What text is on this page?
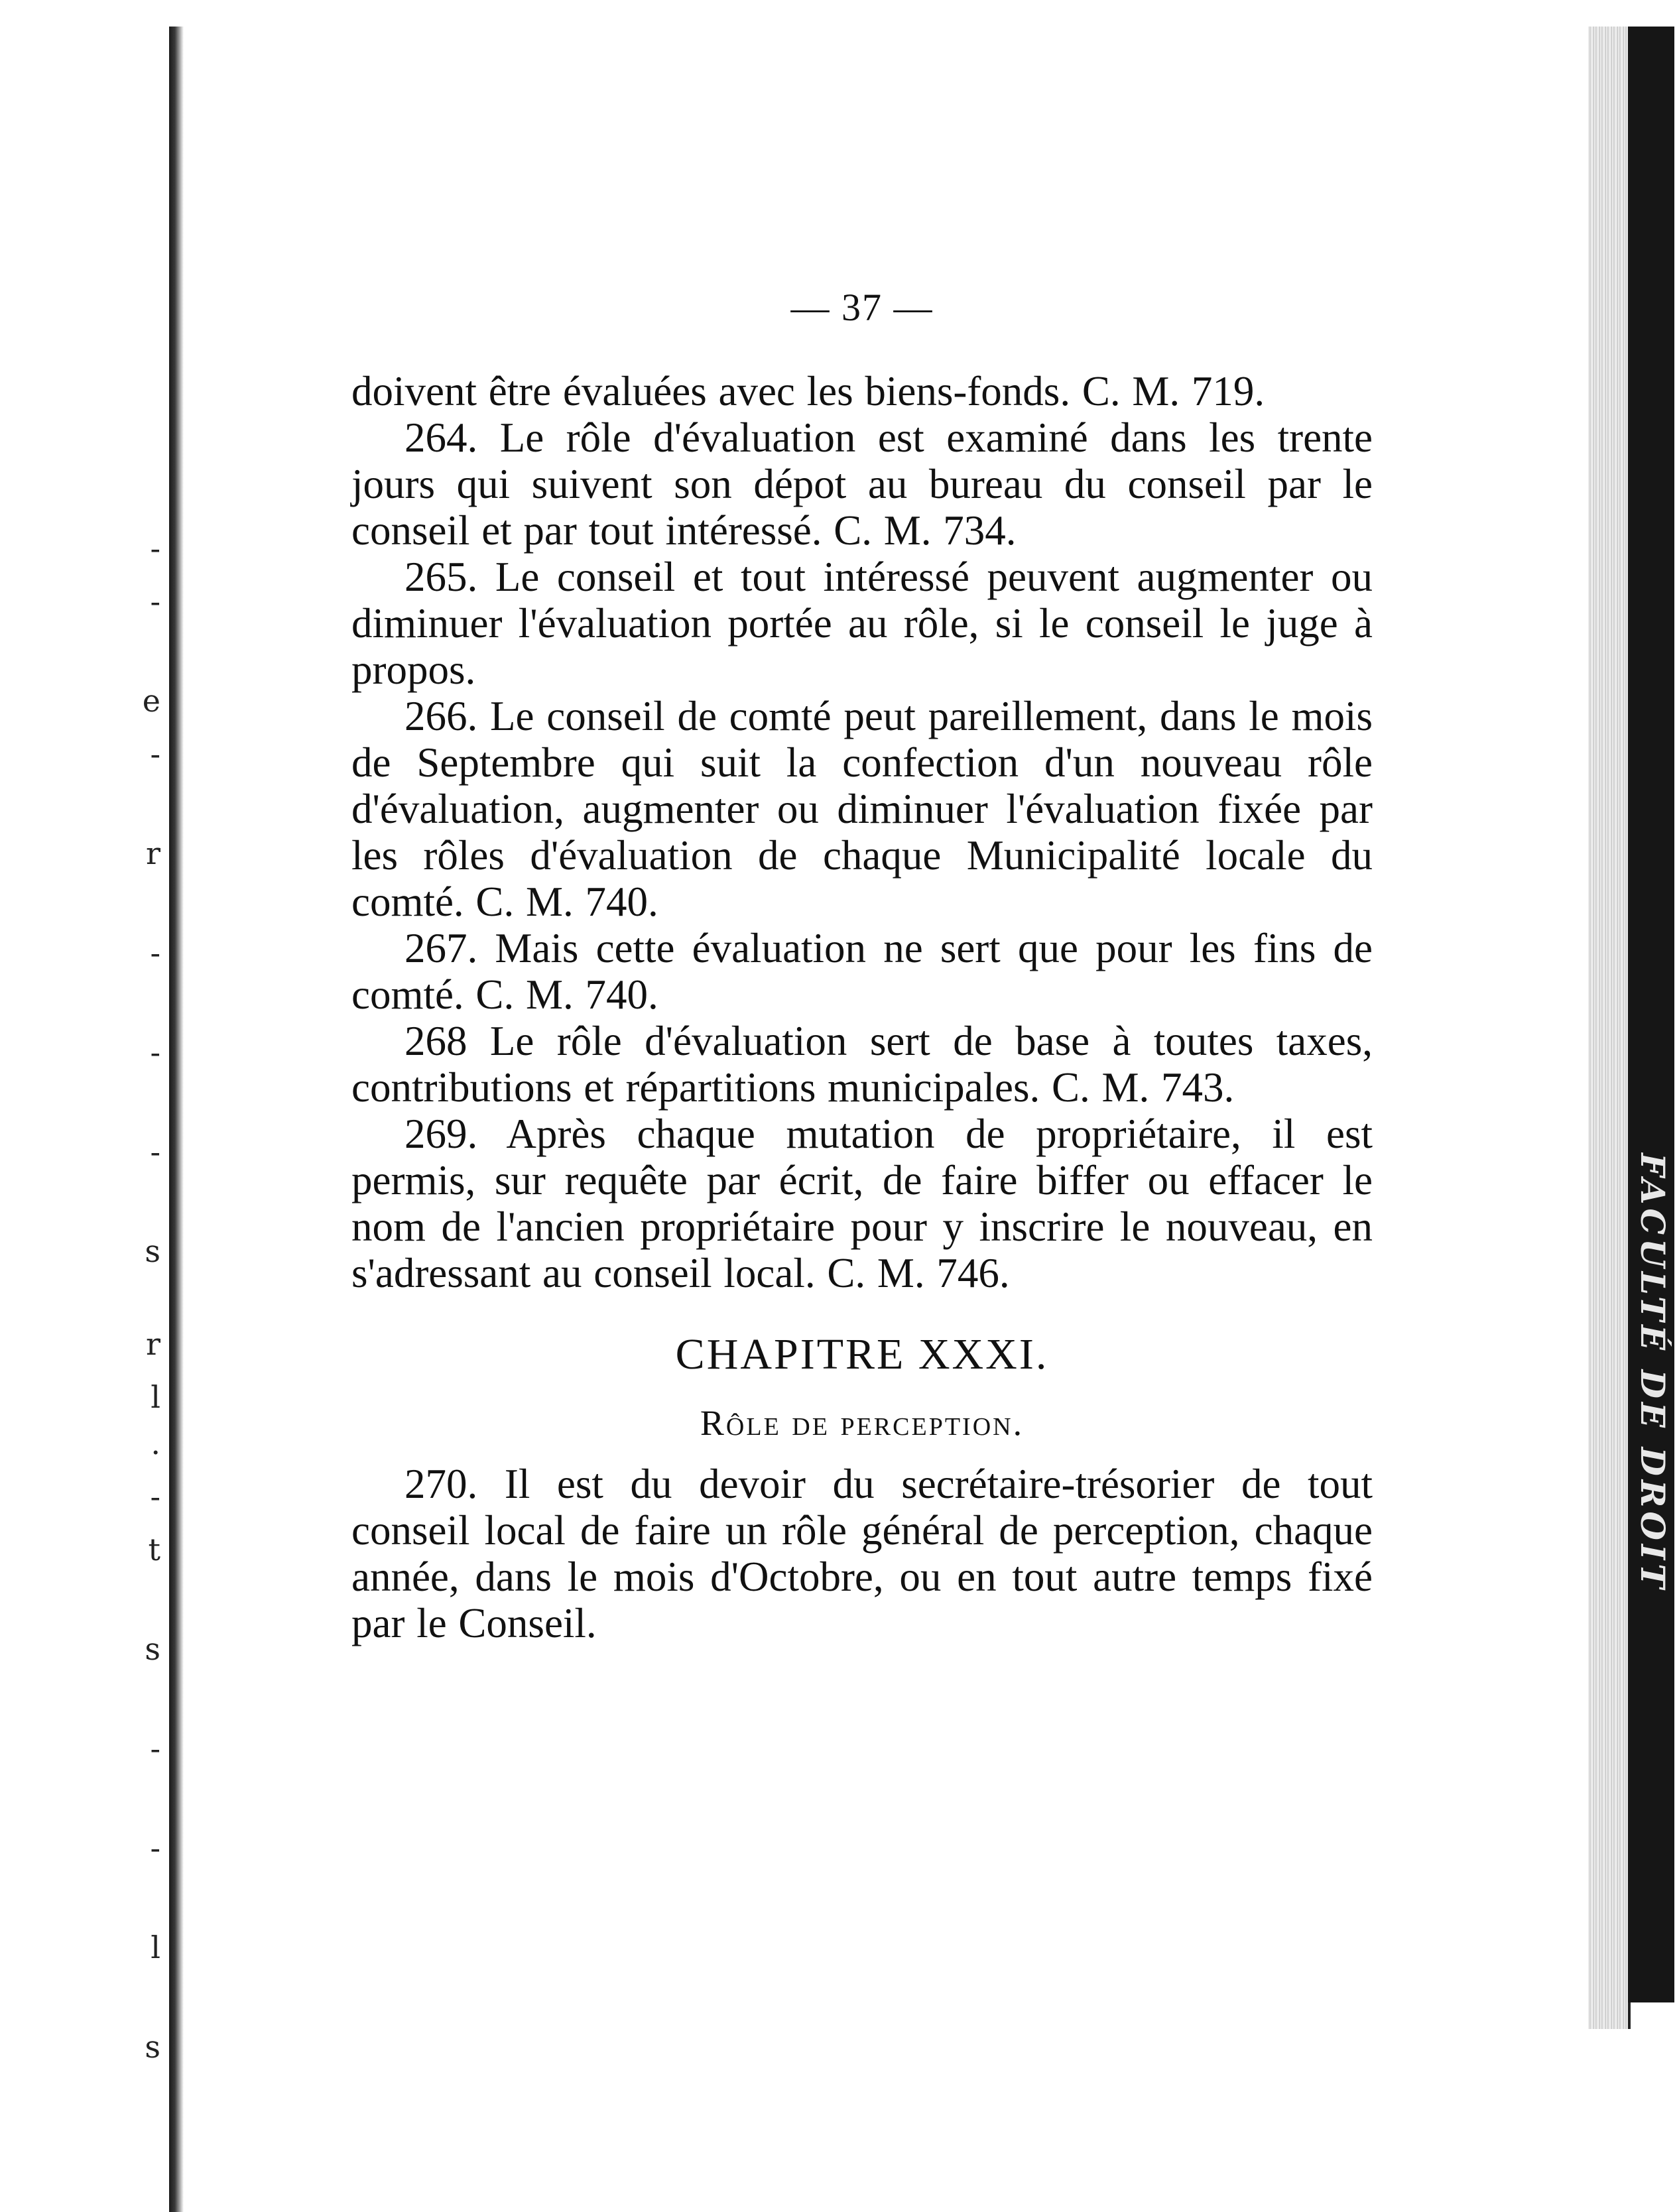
-
-
e
-
r
-
-
-
s
r
l
.
-
t
s
-
-
l
s
— 37 —

doivent être évaluées avec les biens-fonds. C. M. 719.

264. Le rôle d'évaluation est examiné dans les trente jours qui suivent son dépot au bureau du conseil par le conseil et par tout intéressé. C. M. 734.

265. Le conseil et tout intéressé peuvent augmenter ou diminuer l'évaluation portée au rôle, si le conseil le juge à propos.

266. Le conseil de comté peut pareillement, dans le mois de Septembre qui suit la confection d'un nouveau rôle d'évaluation, augmenter ou diminuer l'évaluation fixée par les rôles d'évaluation de chaque Municipalité locale du comté. C. M. 740.

267. Mais cette évaluation ne sert que pour les fins de comté. C. M. 740.

268 Le rôle d'évaluation sert de base à toutes taxes, contributions et répartitions municipales. C. M. 743.

269. Après chaque mutation de propriétaire, il est permis, sur requête par écrit, de faire biffer ou effacer le nom de l'ancien propriétaire pour y inscrire le nouveau, en s'adressant au conseil local. C. M. 746.

CHAPITRE XXXI.
Rôle de perception.

270. Il est du devoir du secrétaire-trésorier de tout conseil local de faire un rôle général de perception, chaque année, dans le mois d'Octobre, ou en tout autre temps fixé par le Conseil.

FACULTÉ DE DROIT
